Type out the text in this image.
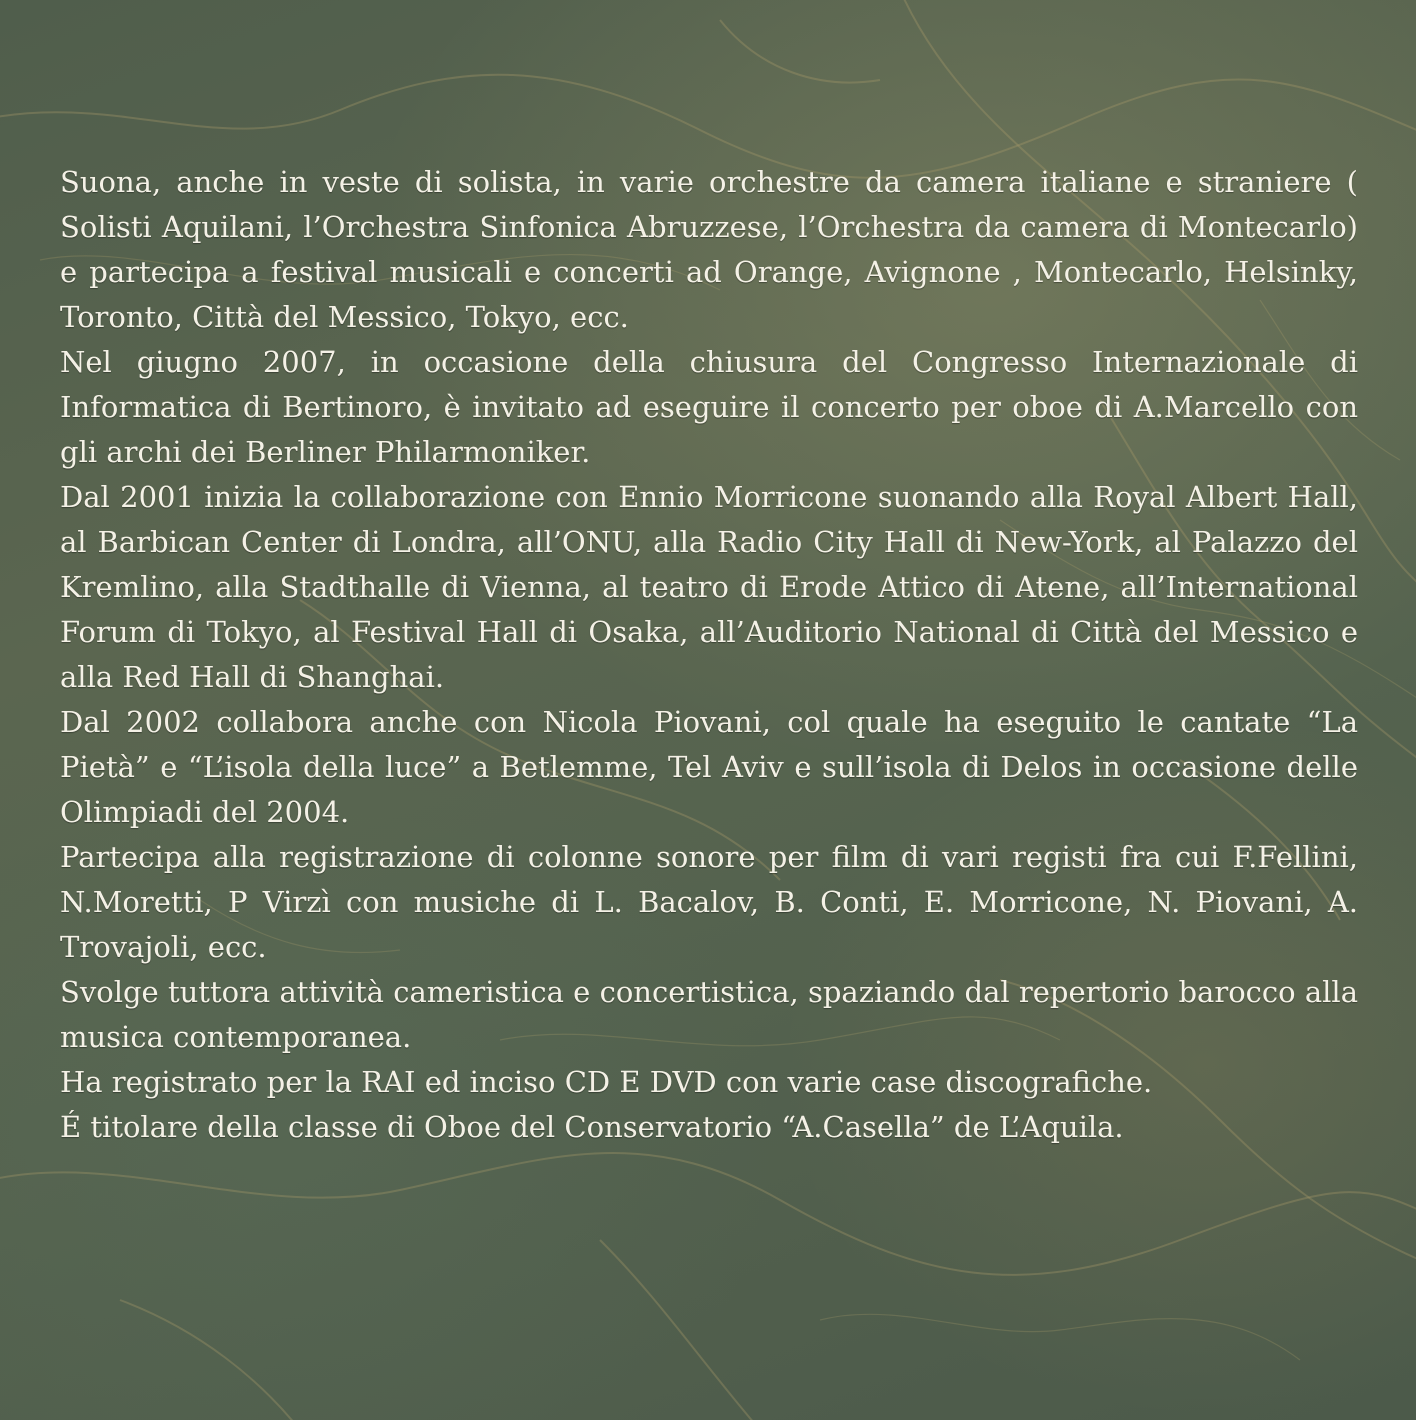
Suona, anche in veste di solista, in varie orchestre da camera italiane e straniere ( Solisti Aquilani, l’Orchestra Sinfonica Abruzzese, l’Orchestra da camera di Montecarlo) e partecipa a festival musicali e concerti ad Orange, Avignone , Montecarlo, Helsinky, Toronto, Città del Messico, Tokyo, ecc.

Nel giugno 2007, in occasione della chiusura del Congresso Internazionale di Informatica di Bertinoro, è invitato ad eseguire il concerto per oboe di A.Marcello con gli archi dei Berliner Philarmoniker.

Dal 2001 inizia la collaborazione con Ennio Morricone suonando alla Royal Albert Hall, al Barbican Center di Londra, all’ONU, alla Radio City Hall di New-York, al Palazzo del Kremlino, alla Stadthalle di Vienna, al teatro di Erode Attico di Atene, all’International Forum di Tokyo, al Festival Hall di Osaka, all’Auditorio National di Città del Messico e alla Red Hall di Shanghai.

Dal 2002 collabora anche con Nicola Piovani, col quale ha eseguito le cantate “La Pietà” e “L’isola della luce” a Betlemme, Tel Aviv e sull’isola di Delos in occasione delle Olimpiadi del 2004.

Partecipa alla registrazione di colonne sonore per film di vari registi fra cui F.Fellini, N.Moretti, P Virzì con musiche di L. Bacalov, B. Conti, E. Morricone, N. Piovani, A. Trovajoli, ecc.

Svolge tuttora attività cameristica e concertistica, spaziando dal repertorio barocco alla musica contemporanea.

Ha registrato per la RAI ed inciso CD E DVD con varie case discografiche.

É titolare della classe di Oboe del Conservatorio “A.Casella” de L’Aquila.
